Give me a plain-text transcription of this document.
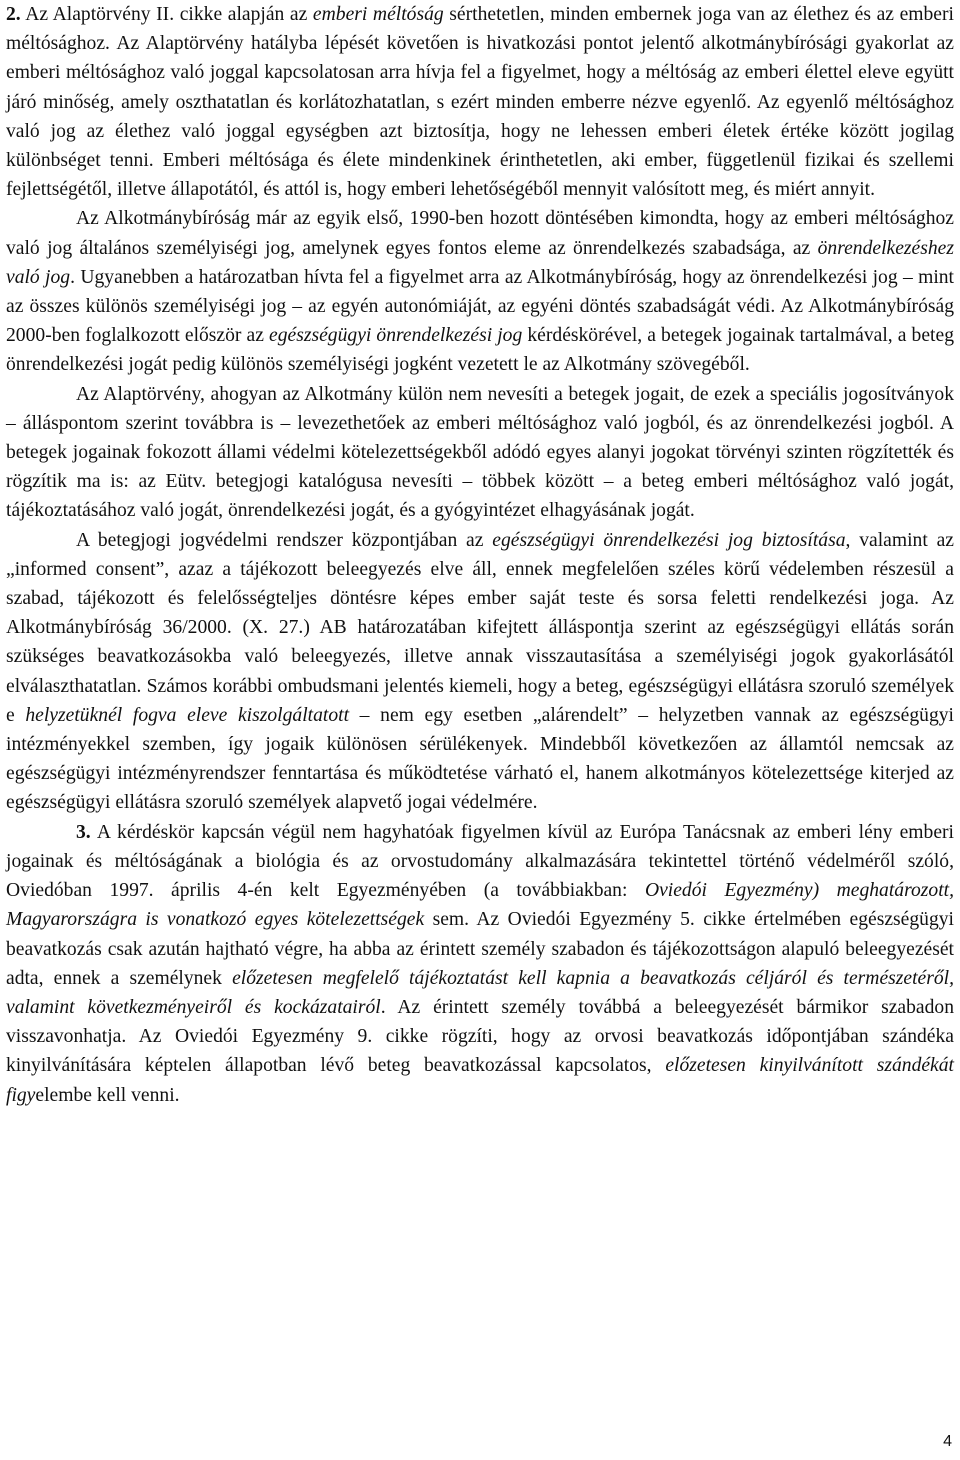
2. Az Alaptörvény II. cikke alapján az emberi méltóság sérthetetlen, minden embernek joga van az élethez és az emberi méltósághoz. Az Alaptörvény hatályba lépését követően is hivatkozási pontot jelentő alkotmánybírósági gyakorlat az emberi méltósághoz való joggal kapcsolatosan arra hívja fel a figyelmet, hogy a méltóság az emberi élettel eleve együtt járó minőség, amely oszthatatlan és korlátozhatatlan, s ezért minden emberre nézve egyenlő. Az egyenlő méltósághoz való jog az élethez való joggal egységben azt biztosítja, hogy ne lehessen emberi életek értéke között jogilag különbséget tenni. Emberi méltósága és élete mindenkinek érinthetetlen, aki ember, függetlenül fizikai és szellemi fejlettségétől, illetve állapotától, és attól is, hogy emberi lehetőségéből mennyit valósított meg, és miért annyit.

Az Alkotmánybíróság már az egyik első, 1990-ben hozott döntésében kimondta, hogy az emberi méltósághoz való jog általános személyiségi jog, amelynek egyes fontos eleme az önrendelkezés szabadsága, az önrendelkezéshez való jog. Ugyanebben a határozatban hívta fel a figyelmet arra az Alkotmánybíróság, hogy az önrendelkezési jog – mint az összes különös személyiségi jog – az egyén autonómiáját, az egyéni döntés szabadságát védi. Az Alkotmánybíróság 2000-ben foglalkozott először az egészségügyi önrendelkezési jog kérdéskörével, a betegek jogainak tartalmával, a beteg önrendelkezési jogát pedig különös személyiségi jogként vezetett le az Alkotmány szövegéből.

Az Alaptörvény, ahogyan az Alkotmány külön nem nevesíti a betegek jogait, de ezek a speciális jogosítványok – álláspontom szerint továbbra is – levezethetőek az emberi méltósághoz való jogból, és az önrendelkezési jogból. A betegek jogainak fokozott állami védelmi kötelezettségekből adódó egyes alanyi jogokat törvényi szinten rögzítették és rögzítik ma is: az Eütv. betegjogi katalógusa nevesíti – többek között – a beteg emberi méltósághoz való jogát, tájékoztatásához való jogát, önrendelkezési jogát, és a gyógyintézet elhagyásának jogát.

A betegjogi jogvédelmi rendszer központjában az egészségügyi önrendelkezési jog biztosítása, valamint az „informed consent”, azaz a tájékozott beleegyezés elve áll, ennek megfelelően széles körű védelemben részesül a szabad, tájékozott és felelősségteljes döntésre képes ember saját teste és sorsa feletti rendelkezési joga. Az Alkotmánybíróság 36/2000. (X. 27.) AB határozatában kifejtett álláspontja szerint az egészségügyi ellátás során szükséges beavatkozásokba való beleegyezés, illetve annak visszautasítása a személyiségi jogok gyakorlásától elválaszthatatlan. Számos korábbi ombudsmani jelentés kiemeli, hogy a beteg, egészségügyi ellátásra szoruló személyek e helyzetüknél fogva eleve kiszolgáltatott – nem egy esetben „alárendelt” – helyzetben vannak az egészségügyi intézményekkel szemben, így jogaik különösen sérülékenyek. Mindebből következően az államtól nemcsak az egészségügyi intézményrendszer fenntartása és működtetése várható el, hanem alkotmányos kötelezettsége kiterjed az egészségügyi ellátásra szoruló személyek alapvető jogai védelmére.

3. A kérdéskör kapcsán végül nem hagyhatóak figyelmen kívül az Európa Tanácsnak az emberi lény emberi jogainak és méltóságának a biológia és az orvostudomány alkalmazására tekintettel történő védelméről szóló, Oviedóban 1997. április 4-én kelt Egyezményében (a továbbiakban: Oviedói Egyezmény) meghatározott, Magyarországra is vonatkozó egyes kötelezettségek sem. Az Oviedói Egyezmény 5. cikke értelmében egészségügyi beavatkozás csak azután hajtható végre, ha abba az érintett személy szabadon és tájékozottságon alapuló beleegyezését adta, ennek a személynek előzetesen megfelelő tájékoztatást kell kapnia a beavatkozás céljáról és természetéről, valamint következményeiről és kockázatairól. Az érintett személy továbbá a beleegyezését bármikor szabadon visszavonhatja. Az Oviedói Egyezmény 9. cikke rögzíti, hogy az orvosi beavatkozás időpontjában szándéka kinyilvánítására képtelen állapotban lévő beteg beavatkozással kapcsolatos, előzetesen kinyilvánított szándékát figyelembe kell venni.

4
